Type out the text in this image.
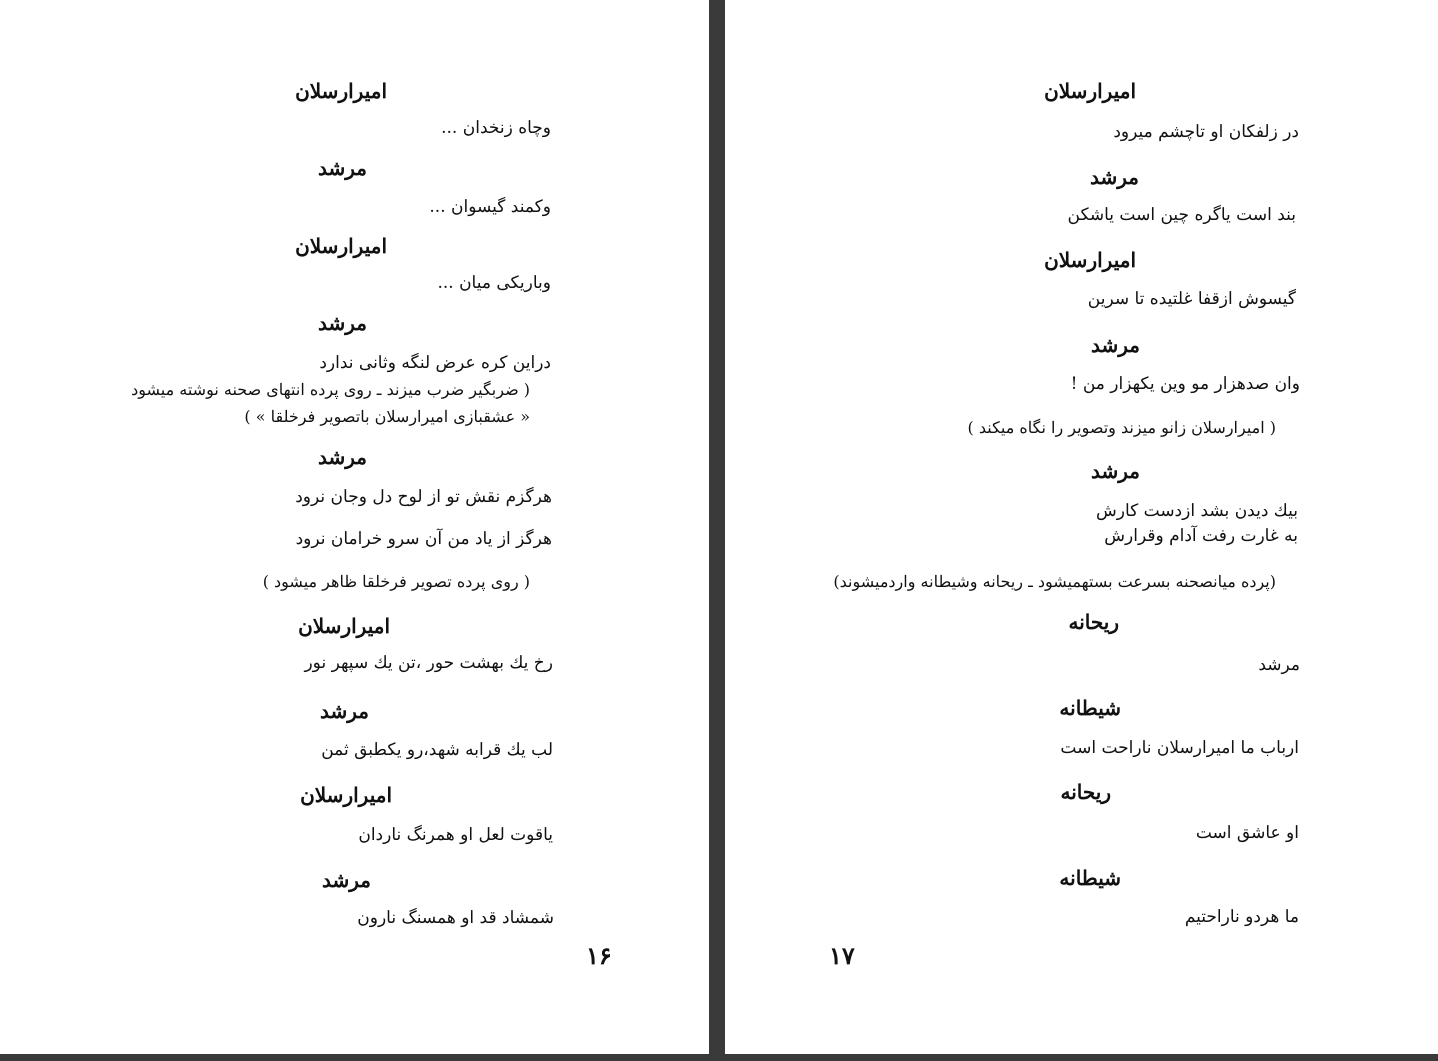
امیرارسلان
وچاه زنخدان ...
مرشد
وکمند گیسوان ...
امیرارسلان
وباریکی میان ...
مرشد
دراین کره عرض لنگه وثانی ندارد
( ضربگیر ضرب میزند ـ روی پرده انتهای صحنه نوشته میشود
« عشقبازی امیرارسلان باتصویر فرخلقا » )
مرشد
هرگزم نقش تو از لوح دل وجان نرود
هرگز از یاد من آن سرو خرامان نرود
( روی پرده تصویر فرخلقا ظاهر میشود )
امیرارسلان
رخ یك بهشت حور ،تن یك سپهر نور
مرشد
لب یك قرابه شهد،رو یكطبق ثمن
امیرارسلان
یاقوت لعل او همرنگ ناردان
مرشد
شمشاد قد او همسنگ نارون
۱۶
امیرارسلان
در زلفکان او تاچشم میرود
مرشد
بند است یاگره چین است یاشکن
امیرارسلان
گیسوش ازقفا غلتیده تا سرین
مرشد
وان صدهزار مو وین یكهزار من !
( امیرارسلان زانو میزند وتصویر را نگاه میکند )
مرشد
بیك دیدن بشد ازدست کارش
به غارت رفت آدام وقرارش
(پرده میانصحنه بسرعت بستهمیشود ـ ریحانه وشیطانه واردمیشوند)
ریحانه
مرشد
شیطانه
ارباب ما امیرارسلان ناراحت است
ریحانه
او عاشق است
شیطانه
ما هردو ناراحتیم
۱۷
